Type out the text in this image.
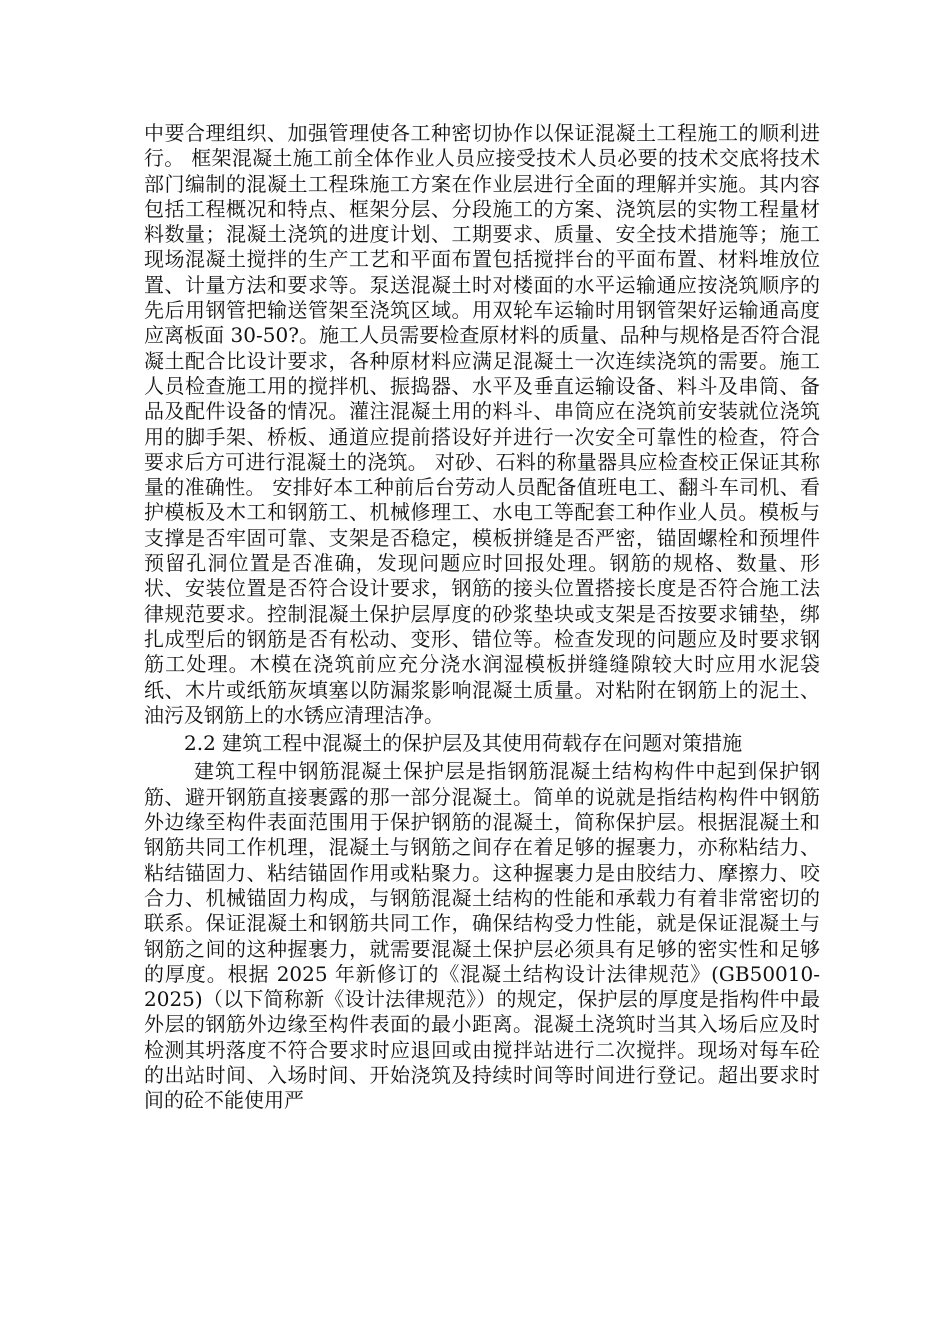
中要合理组织、加强管理使各工种密切协作以保证混凝土工程施工的顺利进行。 框架混凝土施工前全体作业人员应接受技术人员必要的技术交底将技术部门编制的混凝土工程珠施工方案在作业层进行全面的理解并实施。其内容包括工程概况和特点、框架分层、分段施工的方案、浇筑层的实物工程量材料数量；混凝土浇筑的进度计划、工期要求、质量、安全技术措施等；施工现场混凝土搅拌的生产工艺和平面布置包括搅拌台的平面布置、材料堆放位置、计量方法和要求等。泵送混凝土时对楼面的水平运输通应按浇筑顺序的先后用钢管把输送管架至浇筑区域。用双轮车运输时用钢管架好运输通高度应离板面 30-50?。施工人员需要检查原材料的质量、品种与规格是否符合混凝土配合比设计要求，各种原材料应满足混凝土一次连续浇筑的需要。施工人员检查施工用的搅拌机、振捣器、水平及垂直运输设备、料斗及串筒、备品及配件设备的情况。灌注混凝土用的料斗、串筒应在浇筑前安装就位浇筑用的脚手架、桥板、通道应提前搭设好并进行一次安全可靠性的检查，符合要求后方可进行混凝土的浇筑。 对砂、石料的称量器具应检查校正保证其称量的准确性。 安排好本工种前后台劳动人员配备值班电工、翻斗车司机、看护模板及木工和钢筋工、机械修理工、水电工等配套工种作业人员。模板与支撑是否牢固可靠、支架是否稳定，模板拼缝是否严密，锚固螺栓和预埋件预留孔洞位置是否准确，发现问题应时回报处理。钢筋的规格、数量、形状、安装位置是否符合设计要求，钢筋的接头位置搭接长度是否符合施工法律规范要求。控制混凝土保护层厚度的砂浆垫块或支架是否按要求铺垫，绑扎成型后的钢筋是否有松动、变形、错位等。检查发现的问题应及时要求钢筋工处理。木模在浇筑前应充分浇水润湿模板拼缝缝隙较大时应用水泥袋纸、木片或纸筋灰填塞以防漏浆影响混凝土质量。对粘附在钢筋上的泥土、油污及钢筋上的水锈应清理洁净。

2.2 建筑工程中混凝土的保护层及其使用荷载存在问题对策措施

建筑工程中钢筋混凝土保护层是指钢筋混凝土结构构件中起到保护钢筋、避开钢筋直接裹露的那一部分混凝土。简单的说就是指结构构件中钢筋外边缘至构件表面范围用于保护钢筋的混凝土，简称保护层。根据混凝土和钢筋共同工作机理，混凝土与钢筋之间存在着足够的握裹力，亦称粘结力、粘结锚固力、粘结锚固作用或粘聚力。这种握裹力是由胶结力、摩擦力、咬合力、机械锚固力构成，与钢筋混凝土结构的性能和承载力有着非常密切的联系。保证混凝土和钢筋共同工作，确保结构受力性能，就是保证混凝土与钢筋之间的这种握裹力，就需要混凝土保护层必须具有足够的密实性和足够的厚度。根据 2025 年新修订的《混凝土结构设计法律规范》(GB50010-2025)（以下简称新《设计法律规范》）的规定，保护层的厚度是指构件中最外层的钢筋外边缘至构件表面的最小距离。混凝土浇筑时当其入场后应及时检测其坍落度不符合要求时应退回或由搅拌站进行二次搅拌。现场对每车砼的出站时间、入场时间、开始浇筑及持续时间等时间进行登记。超出要求时间的砼不能使用严
